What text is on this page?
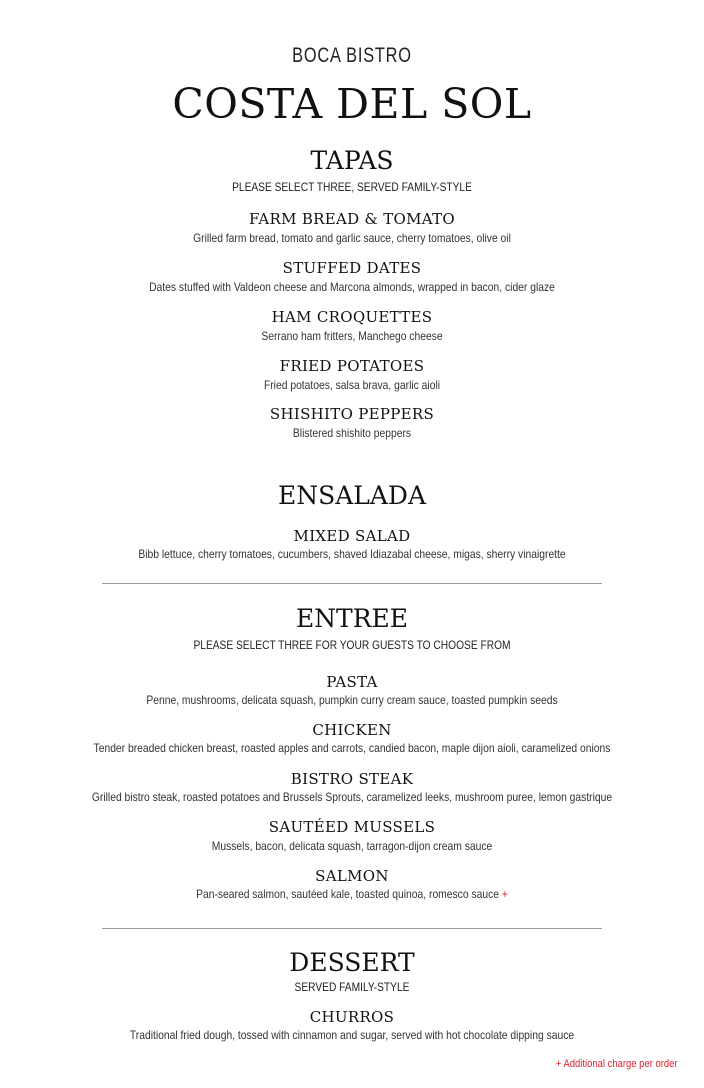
BOCA BISTRO
COSTA DEL SOL
TAPAS
PLEASE SELECT THREE, SERVED FAMILY-STYLE
FARM BREAD & TOMATO
Grilled farm bread, tomato and garlic sauce, cherry tomatoes, olive oil
STUFFED DATES
Dates stuffed with Valdeon cheese and Marcona almonds, wrapped in bacon, cider glaze
HAM CROQUETTES
Serrano ham fritters, Manchego cheese
FRIED POTATOES
Fried potatoes, salsa brava, garlic aioli
SHISHITO PEPPERS
Blistered shishito peppers
ENSALADA
MIXED SALAD
Bibb lettuce, cherry tomatoes, cucumbers, shaved Idiazabal cheese, migas, sherry vinaigrette
ENTREE
PLEASE SELECT THREE FOR YOUR GUESTS TO CHOOSE FROM
PASTA
Penne, mushrooms, delicata squash, pumpkin curry cream sauce, toasted pumpkin seeds
CHICKEN
Tender breaded chicken breast, roasted apples and carrots, candied bacon, maple dijon aioli, caramelized onions
BISTRO STEAK
Grilled bistro steak, roasted potatoes and Brussels Sprouts, caramelized leeks, mushroom puree, lemon gastrique
SAUTÉED MUSSELS
Mussels, bacon, delicata squash, tarragon-dijon cream sauce
SALMON
Pan-seared salmon, sautéed kale, toasted quinoa, romesco sauce +
DESSERT
SERVED FAMILY-STYLE
CHURROS
Traditional fried dough, tossed with cinnamon and sugar, served with hot chocolate dipping sauce
+ Additional charge per order
